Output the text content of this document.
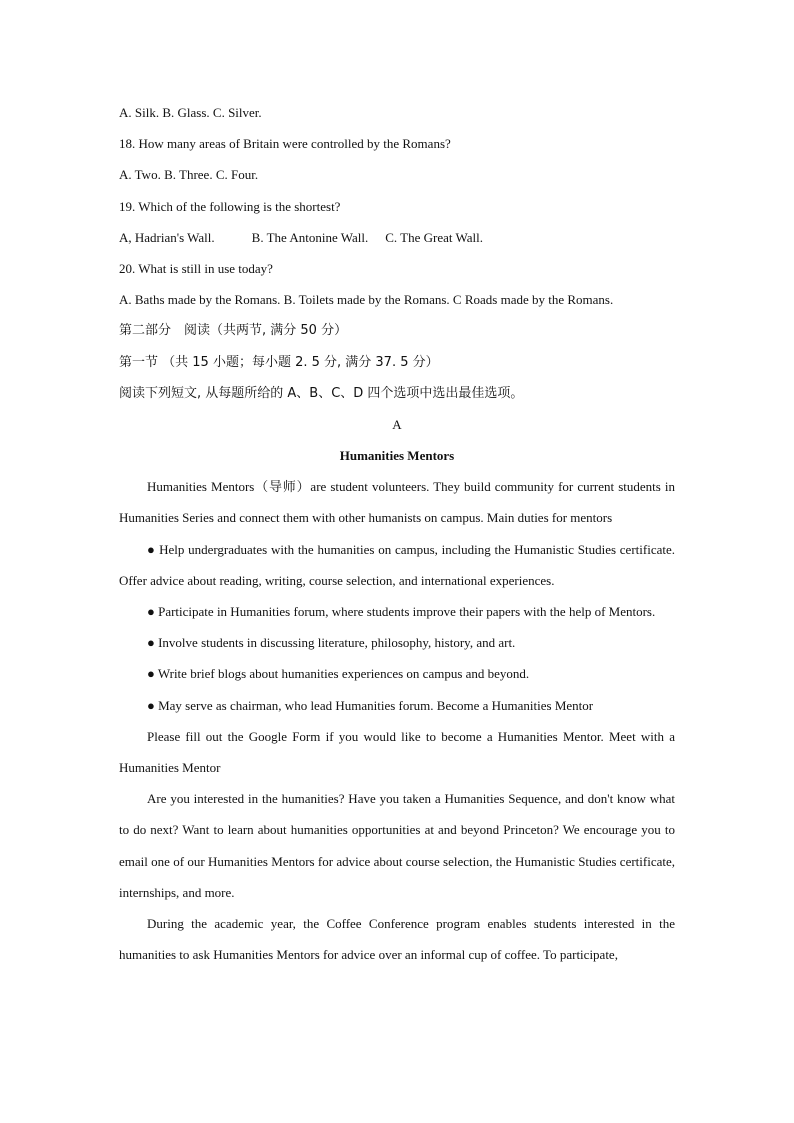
A. Silk. B. Glass. C. Silver.
18. How many areas of Britain were controlled by the Romans?
A. Two. B. Three. C. Four.
19. Which of the following is the shortest?
A, Hadrian's Wall.	B. The Antonine Wall. C. The Great Wall.
20. What is still in use today?
A. Baths made by the Romans. B. Toilets made by the Romans. C Roads made by the Romans.
第二部分　阅读（共两节, 满分 50 分）
第一节 （共 15 小题；每小题 2. 5 分, 满分 37. 5 分）
阅读下列短文, 从每题所给的 A、B、C、D 四个选项中选出最佳选项。
A
Humanities Mentors

Humanities Mentors（导师）are student volunteers. They build community for current students in Humanities Series and connect them with other humanists on campus. Main duties for mentors

● Help undergraduates with the humanities on campus, including the Humanistic Studies certificate. Offer advice about reading, writing, course selection, and international experiences.

● Participate in Humanities forum, where students improve their papers with the help of Mentors.

● Involve students in discussing literature, philosophy, history, and art.

● Write brief blogs about humanities experiences on campus and beyond.

● May serve as chairman, who lead Humanities forum. Become a Humanities Mentor

Please fill out the Google Form if you would like to become a Humanities Mentor. Meet with a Humanities Mentor

Are you interested in the humanities? Have you taken a Humanities Sequence, and don't know what to do next? Want to learn about humanities opportunities at and beyond Princeton? We encourage you to email one of our Humanities Mentors for advice about course selection, the Humanistic Studies certificate, internships, and more.

During the academic year, the Coffee Conference program enables students interested in the humanities to ask Humanities Mentors for advice over an informal cup of coffee. To participate,
